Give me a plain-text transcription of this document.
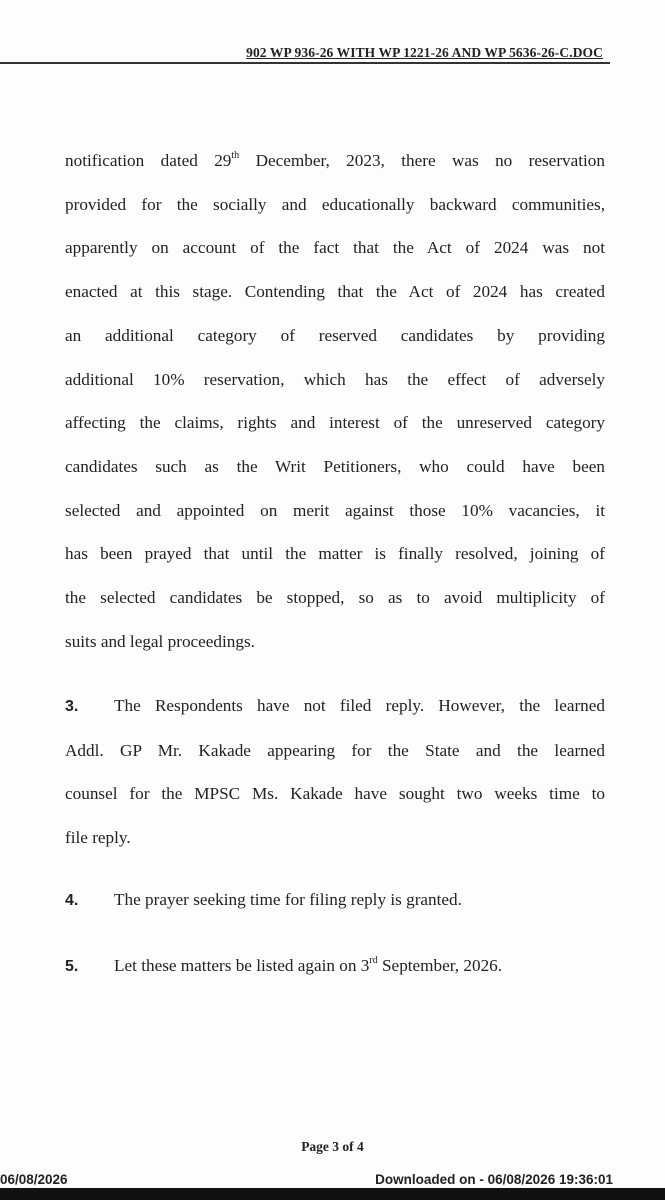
902 WP 936-26 WITH WP 1221-26 AND WP 5636-26-C.DOC

notification dated 29th December, 2023, there was no reservation
provided for the socially and educationally backward communities,
apparently on account of the fact that the Act of 2024 was not
enacted at this stage. Contending that the Act of 2024 has created
an additional category of reserved candidates by providing
additional 10% reservation, which has the effect of adversely
affecting the claims, rights and interest of the unreserved category
candidates such as the Writ Petitioners, who could have been
selected and appointed on merit against those 10% vacancies, it
has been prayed that until the matter is finally resolved, joining of
the selected candidates be stopped, so as to avoid multiplicity of
suits and legal proceedings.

3. The Respondents have not filed reply. However, the learned
Addl. GP Mr. Kakade appearing for the State and the learned
counsel for the MPSC Ms. Kakade have sought two weeks time to
file reply.

4. The prayer seeking time for filing reply is granted.

5. Let these matters be listed again on 3rd September, 2026.

Page 3 of 4
06/08/2026	Downloaded on - 06/08/2026 19:36:01
